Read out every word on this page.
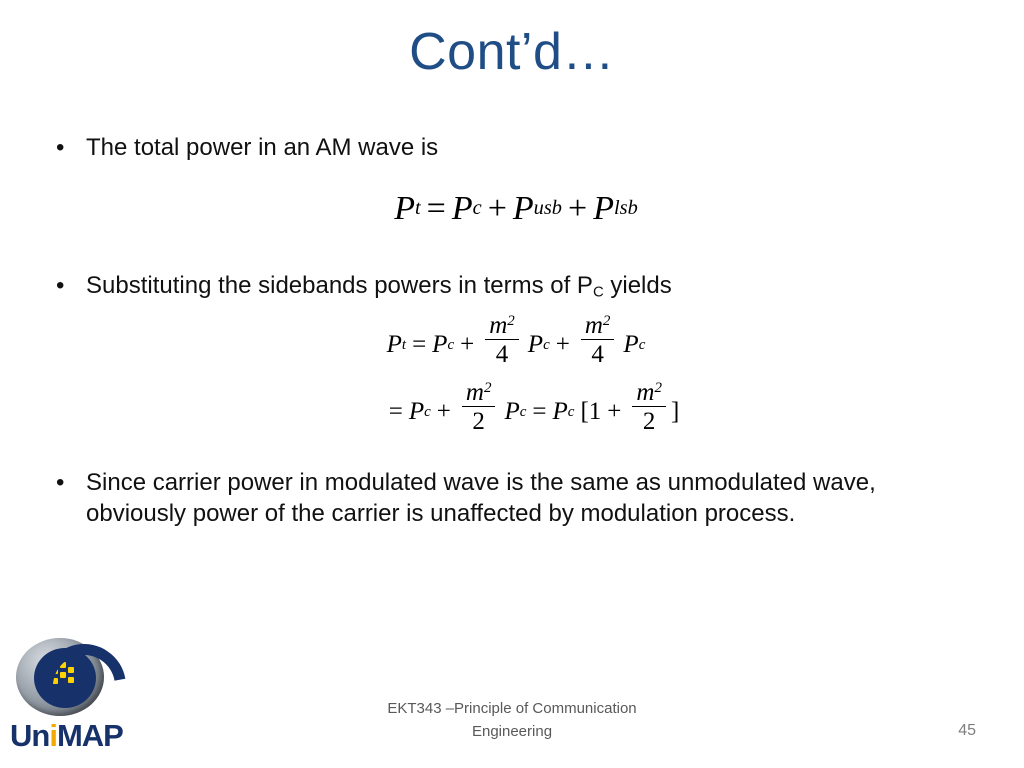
Cont’d…
• The total power in an AM wave is
P t = P c + P usb + P lsb
• Substituting the sidebands powers in terms of $P_C$ yields
P t = P $c + \frac{m^2}{4}$ P $c + \frac{m^2}{4}$ P c
= P $c + \frac{m^2}{2}$ P c = P c [$1 + \frac{m^2}{2}$ ]
• Since carrier power in modulated wave is the same as unmodulated wave, obviously power of the carrier is unaffected by modulation process.
EKT343 –Principle of Communication
Engineering	45
UniMAP
